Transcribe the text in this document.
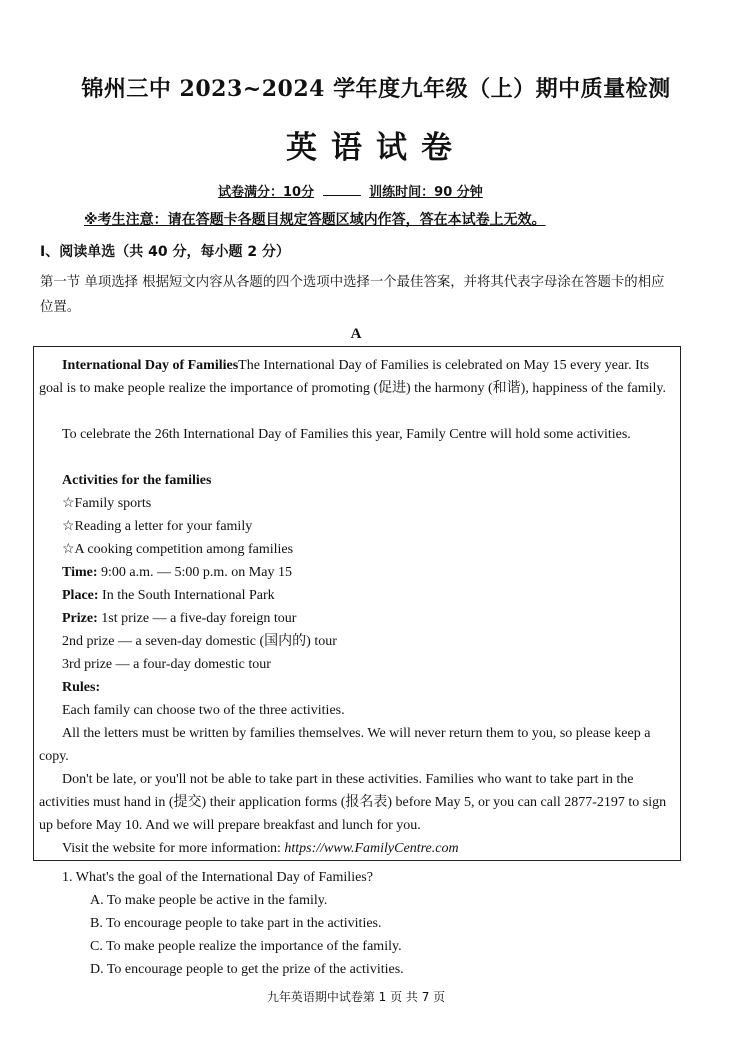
锦州三中 2023~2024 学年度九年级（上）期中质量检测
英语试卷
试卷满分：10分	训练时间：90 分钟
※考生注意：请在答题卡各题目规定答题区域内作答，答在本试卷上无效。
Ⅰ、阅读单选（共 40 分，每小题 2 分）
第一节 单项选择 根据短文内容从各题的四个选项中选择一个最佳答案，并将其代表字母涂在答题卡的相应位置。
A
International Day of FamiliesThe International Day of Families is celebrated on May 15 every year. Its goal is to make people realize the importance of promoting (促进) the harmony (和谐), happiness of the family.
To celebrate the 26th International Day of Families this year, Family Centre will hold some activities.
Activities for the families
☆Family sports
☆Reading a letter for your family
☆A cooking competition among families
Time: 9:00 a.m. — 5:00 p.m. on May 15
Place: In the South International Park
Prize: 1st prize — a five-day foreign tour
2nd prize — a seven-day domestic (国内的) tour
3rd prize — a four-day domestic tour
Rules:
Each family can choose two of the three activities.
All the letters must be written by families themselves. We will never return them to you, so please keep a copy.
Don't be late, or you'll not be able to take part in these activities. Families who want to take part in the activities must hand in (提交) their application forms (报名表) before May 5, or you can call 2877-2197 to sign up before May 10. And we will prepare breakfast and lunch for you.
Visit the website for more information: https://www.FamilyCentre.com
1. What's the goal of the International Day of Families?
A. To make people be active in the family.
B. To encourage people to take part in the activities.
C. To make people realize the importance of the family.
D. To encourage people to get the prize of the activities.
九年英语期中试卷第 1 页 共 7 页
